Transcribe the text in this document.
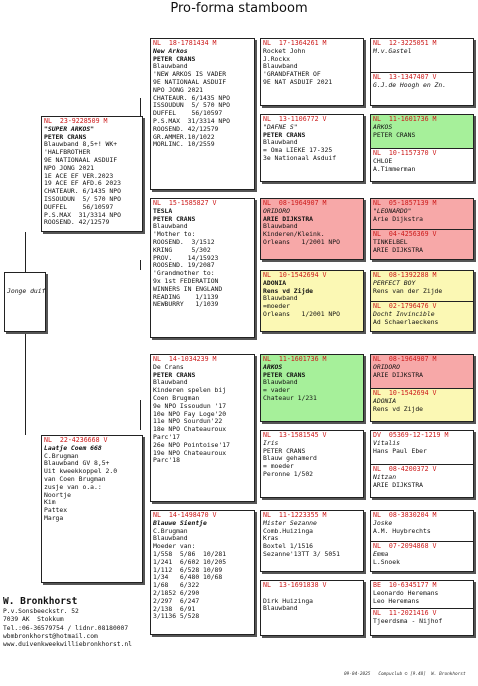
Pro-forma stamboom
Jonge duif
NL  23-9228509 M
"SUPER ARKOS"
PETER CRANS
Blauwband 8,5+! WK+
'HALFBROTHER
9E NATIONAAL ASDUIF
NPO JONG 2021
1E ACE EF VER.2023
19 ACE EF AFD.6 2023
CHATEAUR. 6/1435 NPO
ISSOUDUN  5/ 570 NPO
DUFFEL    56/10597
P.S.MAX  31/3314 NPO
ROOSEND. 42/12579
NL  22-4236668 V
Laatje Coem 668
C.Brugman
Blauwband GV 8,5+
Uit kweekkoppel 2.0
van Coen Brugman
zusje van o.a.:
Noortje
Kim
Pattex
Marga
NL  18-1781434 M
New Arkos
PETER CRANS
Blauwband
'NEW ARKOS IS VADER
9E NATIONAAL ASDUIF
NPO JONG 2021
CHATEAUR. 6/1435 NPO
ISSOUDUN  5/ 570 NPO
DUFFEL    56/10597
P.S.MAX  31/3314 NPO
ROOSEND. 42/12579
GR.AMMER.10/1022
MORLINC. 10/2559
NL  15-1585827 V
TESLA
PETER CRANS
Blauwband
'Mother to:
ROOSEND.  3/1512
KRING     5/302
PROV.    14/15923
ROOSEND. 19/2087
'Grandmother to:
9x 1st FEDERATION
WINNERS IN ENGLAND
READING    1/1139
NEWBURRY   1/1039
NL  14-1034239 M
De Crans
PETER CRANS
Blauwband
Kinderen spelen bij
Coen Brugman
9e NPO Issoudun '17
10e NPO Fay Loge'20
11e NPO Sourdun'22
18e NPO Chateauroux
Parc'17
26e NPO Pointoise'17
19e NPO Chateauroux
Parc'18
NL  14-1498470 V
Blauwe Sientje
C.Brugman
Blauwband
Moeder van:
1/558  5/86  10/281
1/241  6/602 10/205
1/112  6/528 10/89
1/34   6/480 10/68
1/68   6/322
2/1852 6/290
2/297  6/247
2/138  6/91
3/1136 5/528
NL  17-1364261 M
Rocket John
J.Rockx
Blauwband
'GRANDFATHER OF
9E NAT ASDUIF 2021
NL  13-1106772 V
"DAFNE S"
PETER CRANS
Blauwband
= Oma LIEKE 17-325
3e Nationaal Asduif
NL  08-1964907 M
ORIDORO
ARIE DIJKSTRA
Blauwband
Kinderen/Kleink.
Orleans   1/2001 NPO
NL  10-1542694 V
ADONIA
Rens vd Zijde
Blauwband
=moeder
Orleans   1/2001 NPO
NL  11-1601736 M
ARKOS
PETER CRANS
Blauwband
= vader
Chateaur 1/231
NL  13-1581545 V
Iris
PETER CRANS
Blauw gehamerd
= moeder
Peronne 1/502
NL  11-1223355 M
Mister Sezanne
Comb.Huizinga
Kras
Boxtel 1/1516
Sezanne'13TT 3/ 5051
NL  13-1691838 V

Dirk Huizinga
Blauwband
NL  12-3225051 M
M.v.Gastel
NL  13-1347407 V
G.J.de Hoogh en Zn.
NL  11-1601736 M
ARKOS
PETER CRANS
NL  10-1157370 V
CHLOE
A.Timmerman
NL  05-1857139 M
"LEONARDO"
Arie Dijkstra
NL  04-4256369 V
TINKELBEL
ARIE DIJKSTRA
NL  08-1392288 M
PERFECT BOY
Rens van der Zijde
NL  02-1796476 V
Docht Invincible
Ad Schaerlaeckens
NL  08-1964907 M
ORIDORO
ARIE DIJKSTRA
NL  10-1542694 V
ADONIA
Rens vd Zijde
DV  05369-12-1219 M
Vitalis
Hans Paul Eber
NL  08-4200372 V
Nitzan
ARIE DIJKSTRA
NL  08-3830204 M
Joske
A.M. Huybrechts
NL  07-2094868 V
Emma
L.Snoek
BE  10-6345177 M
Leonardo Heremans
Leo Heremans
NL  11-2021416 V
Tjeerdsma - Nijhof
W. Bronkhorst
P.v.Sonsbeeckstr. 52
7039 AK  Stokkum
Tel.:06-36579754 / lidnr.08180007
wbmbronkhorst@hotmail.com
www.duivenkweekwilliebronkhorst.nl
09-04-2025   Compuclub © [9.48]  W. Bronkhorst
